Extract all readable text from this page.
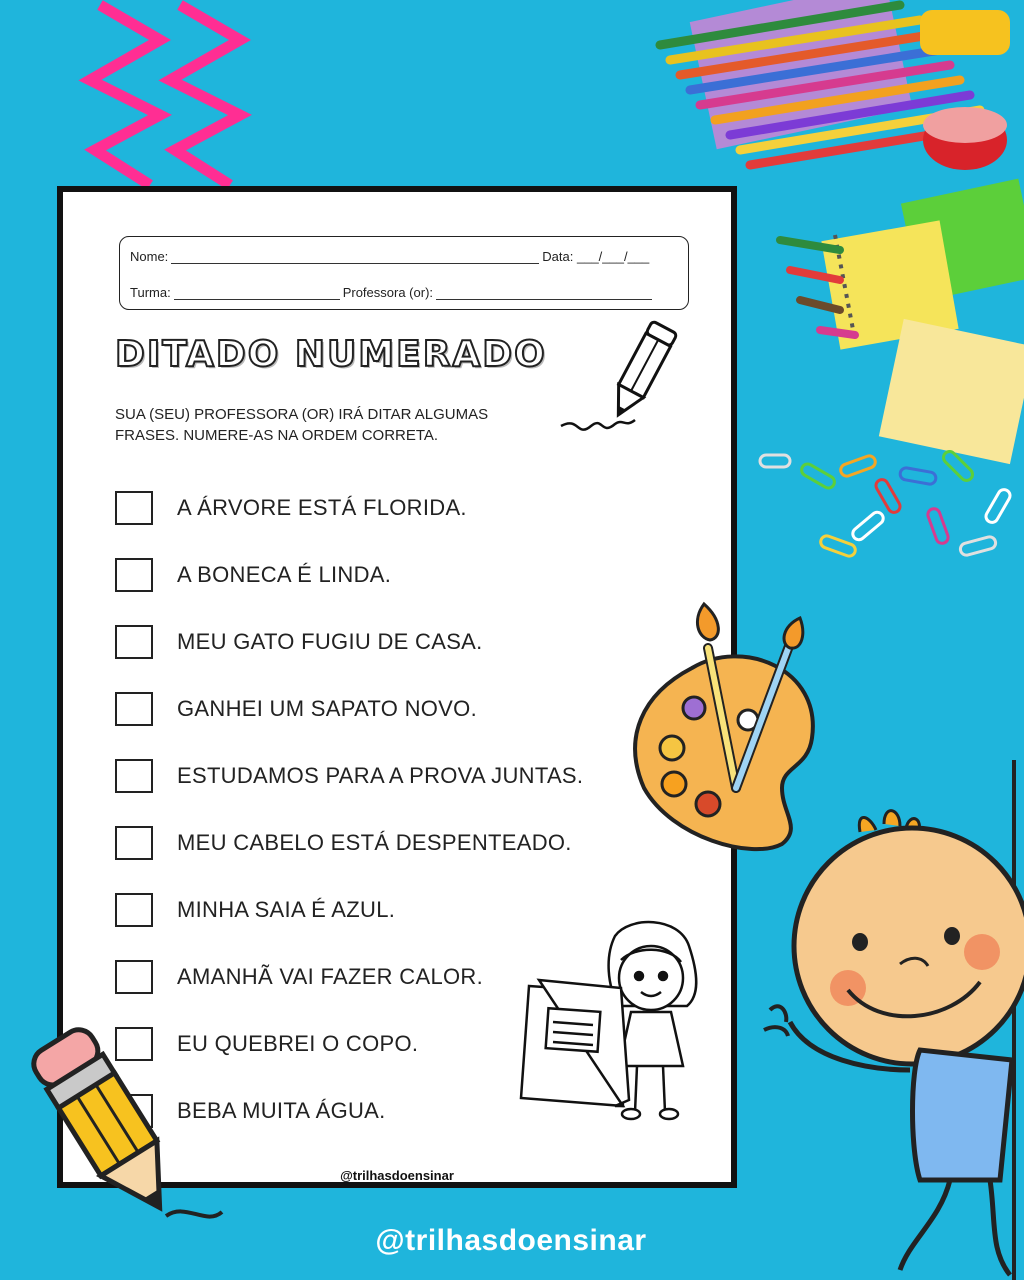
Nome:	Data: ___/___/___
Turma:	Professora (or):
DITADO NUMERADO
SUA (SEU) PROFESSORA (OR) IRÁ DITAR ALGUMAS FRASES. NUMERE-AS NA ORDEM CORRETA.
A ÁRVORE ESTÁ FLORIDA.
A BONECA É LINDA.
MEU GATO FUGIU DE CASA.
GANHEI UM SAPATO NOVO.
ESTUDAMOS PARA A PROVA JUNTAS.
MEU CABELO ESTÁ DESPENTEADO.
MINHA SAIA É AZUL.
AMANHÃ VAI FAZER CALOR.
EU QUEBREI O COPO.
BEBA MUITA ÁGUA.
@trilhasdoensinar
@trilhasdoensinar
